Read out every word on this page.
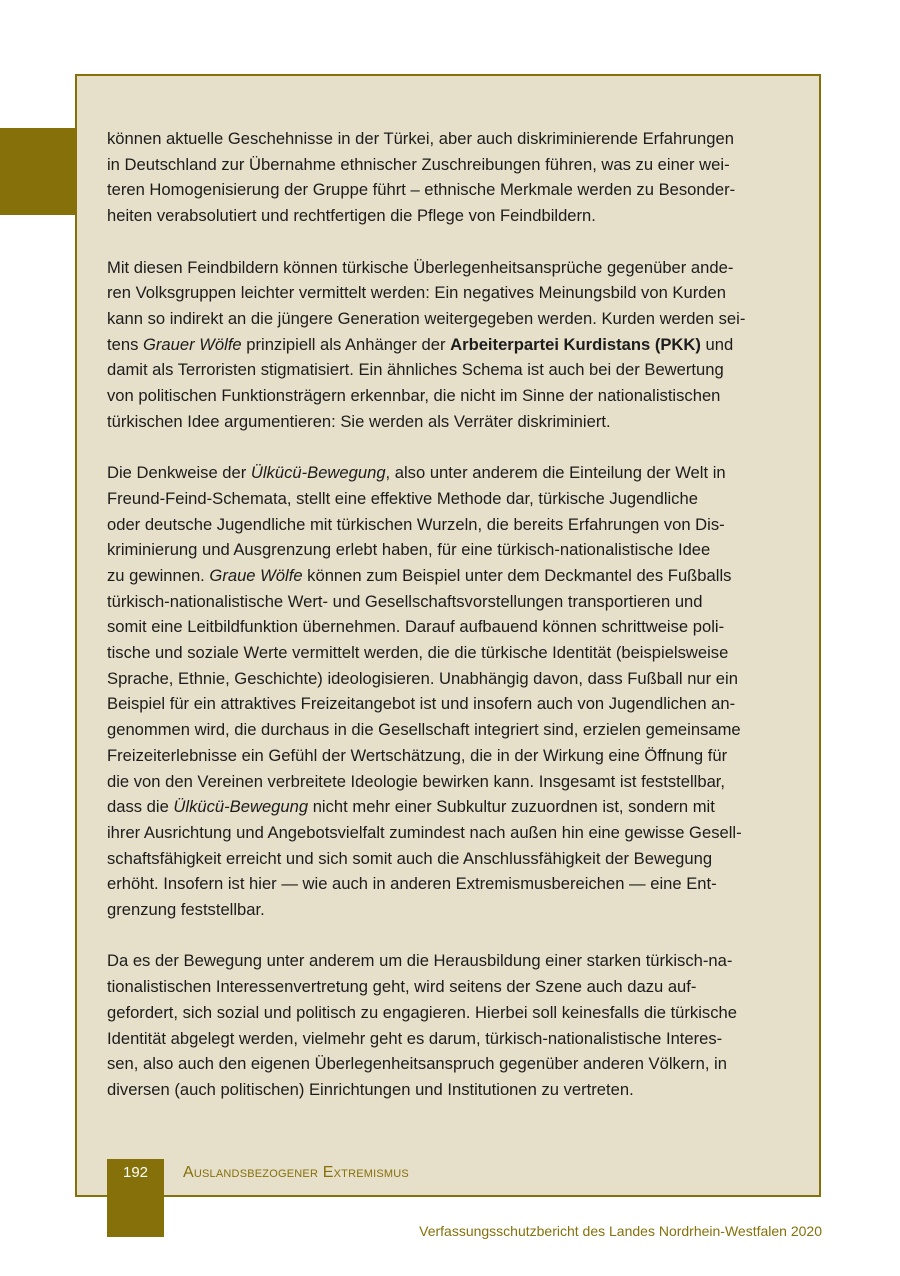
können aktuelle Geschehnisse in der Türkei, aber auch diskriminierende Erfahrungen
in Deutschland zur Übernahme ethnischer Zuschreibungen führen, was zu einer wei-
teren Homogenisierung der Gruppe führt – ethnische Merkmale werden zu Besonder-
heiten verabsolutiert und rechtfertigen die Pflege von Feindbildern.

Mit diesen Feindbildern können türkische Überlegenheitsansprüche gegenüber ande-
ren Volksgruppen leichter vermittelt werden: Ein negatives Meinungsbild von Kurden
kann so indirekt an die jüngere Generation weitergegeben werden. Kurden werden sei-
tens Grauer Wölfe prinzipiell als Anhänger der Arbeiterpartei Kurdistans (PKK) und
damit als Terroristen stigmatisiert. Ein ähnliches Schema ist auch bei der Bewertung
von politischen Funktionsträgern erkennbar, die nicht im Sinne der nationalistischen
türkischen Idee argumentieren: Sie werden als Verräter diskriminiert.

Die Denkweise der Ülkücü-Bewegung, also unter anderem die Einteilung der Welt in
Freund-Feind-Schemata, stellt eine effektive Methode dar, türkische Jugendliche
oder deutsche Jugendliche mit türkischen Wurzeln, die bereits Erfahrungen von Dis-
kriminierung und Ausgrenzung erlebt haben, für eine türkisch-nationalistische Idee
zu gewinnen. Graue Wölfe können zum Beispiel unter dem Deckmantel des Fußballs
türkisch-nationalistische Wert- und Gesellschaftsvorstellungen transportieren und
somit eine Leitbildfunktion übernehmen. Darauf aufbauend können schrittweise poli-
tische und soziale Werte vermittelt werden, die die türkische Identität (beispielsweise
Sprache, Ethnie, Geschichte) ideologisieren. Unabhängig davon, dass Fußball nur ein
Beispiel für ein attraktives Freizeitangebot ist und insofern auch von Jugendlichen an-
genommen wird, die durchaus in die Gesellschaft integriert sind, erzielen gemeinsame
Freizeiterlebnisse ein Gefühl der Wertschätzung, die in der Wirkung eine Öffnung für
die von den Vereinen verbreitete Ideologie bewirken kann. Insgesamt ist feststellbar,
dass die Ülkücü-Bewegung nicht mehr einer Subkultur zuzuordnen ist, sondern mit
ihrer Ausrichtung und Angebotsvielfalt zumindest nach außen hin eine gewisse Gesell-
schaftsfähigkeit erreicht und sich somit auch die Anschlussfähigkeit der Bewegung
erhöht. Insofern ist hier — wie auch in anderen Extremismusbereichen — eine Ent-
grenzung feststellbar.

Da es der Bewegung unter anderem um die Herausbildung einer starken türkisch-na-
tionalistischen Interessenvertretung geht, wird seitens der Szene auch dazu auf-
gefordert, sich sozial und politisch zu engagieren. Hierbei soll keinesfalls die türkische
Identität abgelegt werden, vielmehr geht es darum, türkisch-nationalistische Interes-
sen, also auch den eigenen Überlegenheitsanspruch gegenüber anderen Völkern, in
diversen (auch politischen) Einrichtungen und Institutionen zu vertreten.

192	Auslandsbezogener Extremismus
Verfassungsschutzbericht des Landes Nordrhein-Westfalen 2020
